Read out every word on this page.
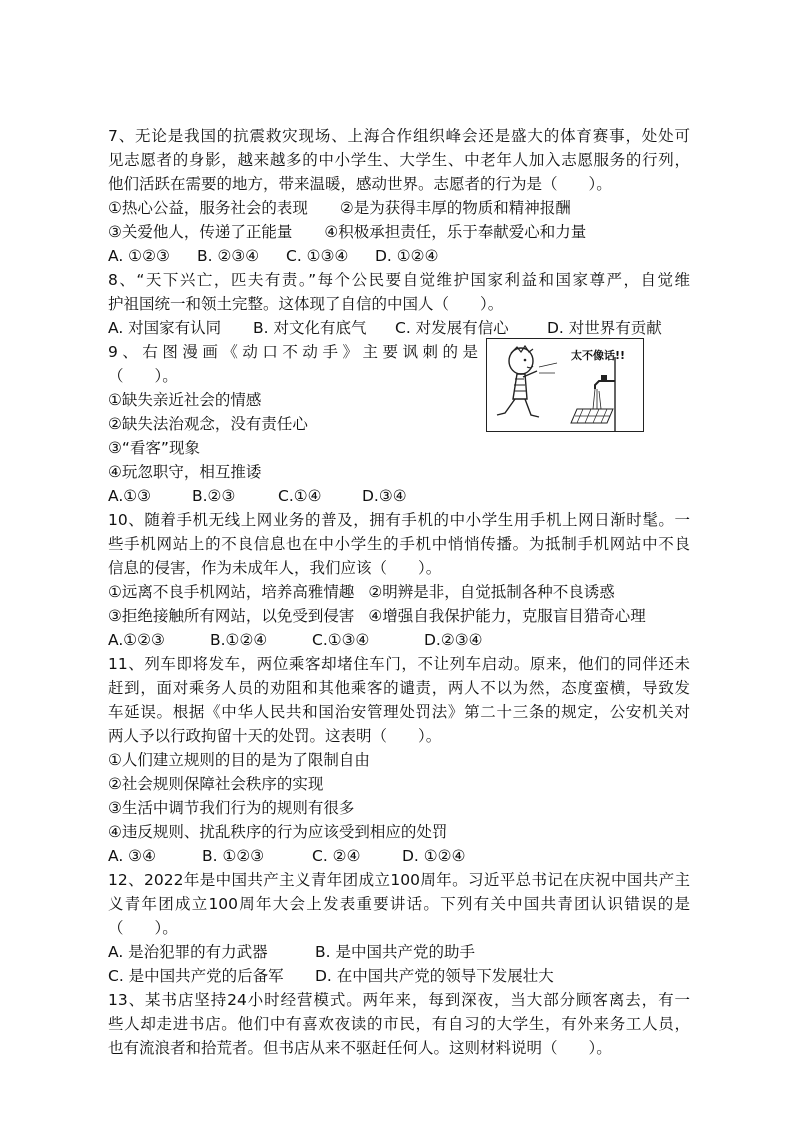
7、无论是我国的抗震救灾现场、上海合作组织峰会还是盛大的体育赛事，处处可
见志愿者的身影，越来越多的中小学生、大学生、中老年人加入志愿服务的行列，
他们活跃在需要的地方，带来温暖，感动世界。志愿者的行为是（　　）。
①热心公益，服务社会的表现 ②是为获得丰厚的物质和精神报酬
③关爱他人，传递了正能量 ④积极承担责任，乐于奉献爱心和力量
A. ①②③	B. ②③④	C. ①③④	D. ①②④
8、“天下兴亡，匹夫有责。”每个公民要自觉维护国家利益和国家尊严，自觉维
护祖国统一和领土完整。这体现了自信的中国人（　　）。
A. 对国家有认同	B. 对文化有底气	C. 对发展有信心	D. 对世界有贡献
9、右图漫画《动口不动手》主要讽刺的是
（　　）。
①缺失亲近社会的情感
②缺失法治观念，没有责任心
③“看客”现象
④玩忽职守，相互推诿
A.①③	B.②③	C.①④	D.③④
10、随着手机无线上网业务的普及，拥有手机的中小学生用手机上网日渐时髦。一
些手机网站上的不良信息也在中小学生的手机中悄悄传播。为抵制手机网站中不良
信息的侵害，作为未成年人，我们应该（　　）。
①远离不良手机网站，培养高雅情趣 ②明辨是非，自觉抵制各种不良诱惑
③拒绝接触所有网站，以免受到侵害 ④增强自我保护能力，克服盲目猎奇心理
A.①②③	B.①②④	C.①③④	D.②③④
11、列车即将发车，两位乘客却堵住车门，不让列车启动。原来，他们的同伴还未
赶到，面对乘务人员的劝阻和其他乘客的谴责，两人不以为然，态度蛮横，导致发
车延误。根据《中华人民共和国治安管理处罚法》第二十三条的规定，公安机关对
两人予以行政拘留十天的处罚。这表明（　　）。
①人们建立规则的目的是为了限制自由
②社会规则保障社会秩序的实现
③生活中调节我们行为的规则有很多
④违反规则、扰乱秩序的行为应该受到相应的处罚
A. ③④	B. ①②③	C. ②④	D. ①②④
12、2022年是中国共产主义青年团成立100周年。习近平总书记在庆祝中国共产主
义青年团成立100周年大会上发表重要讲话。下列有关中国共青团认识错误的是
（　　）。
A. 是治犯罪的有力武器	B. 是中国共产党的助手
C. 是中国共产党的后备军	D. 在中国共产党的领导下发展壮大
13、某书店坚持24小时经营模式。两年来，每到深夜，当大部分顾客离去，有一
些人却走进书店。他们中有喜欢夜读的市民，有自习的大学生，有外来务工人员，
也有流浪者和拾荒者。但书店从来不驱赶任何人。这则材料说明（　　）。
太不像话!!
